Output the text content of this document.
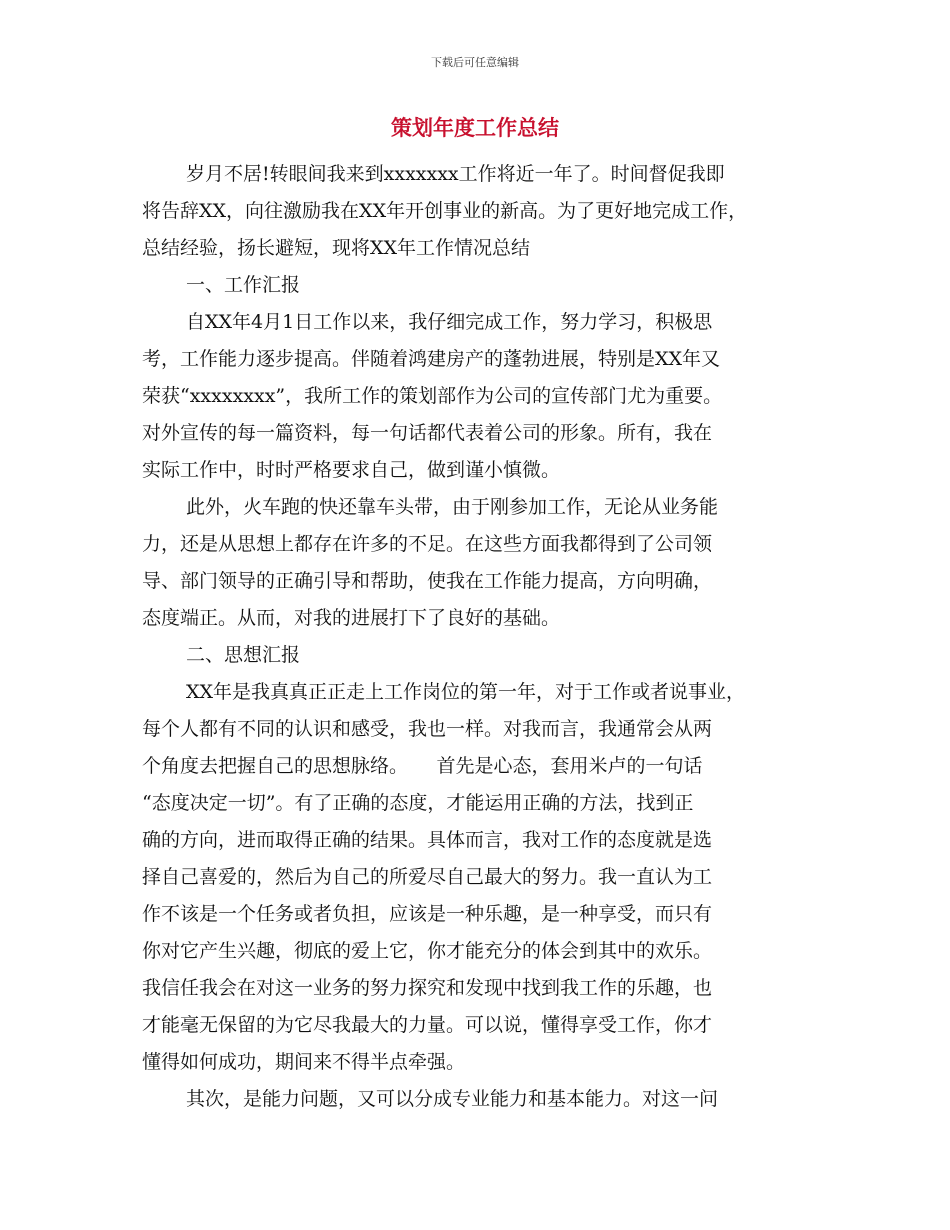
下载后可任意编辑
策划年度工作总结
岁月不居!转眼间我来到xxxxxxx工作将近一年了。时间督促我即
将告辞XX，向往激励我在XX年开创事业的新高。为了更好地完成工作，
总结经验，扬长避短，现将XX年工作情况总结
一、工作汇报
自XX年4月1日工作以来，我仔细完成工作，努力学习，积极思
考，工作能力逐步提高。伴随着鸿建房产的蓬勃进展，特别是XX年又
荣获“xxxxxxxx”，我所工作的策划部作为公司的宣传部门尤为重要。
对外宣传的每一篇资料，每一句话都代表着公司的形象。所有，我在
实际工作中，时时严格要求自己，做到谨小慎微。
此外，火车跑的快还靠车头带，由于刚参加工作，无论从业务能
力，还是从思想上都存在许多的不足。在这些方面我都得到了公司领
导、部门领导的正确引导和帮助，使我在工作能力提高，方向明确，
态度端正。从而，对我的进展打下了良好的基础。
二、思想汇报
XX年是我真真正正走上工作岗位的第一年，对于工作或者说事业，
每个人都有不同的认识和感受，我也一样。对我而言，我通常会从两
个角度去把握自己的思想脉络。　　首先是心态，套用米卢的一句话
“态度决定一切”。有了正确的态度，才能运用正确的方法，找到正
确的方向，进而取得正确的结果。具体而言，我对工作的态度就是选
择自己喜爱的，然后为自己的所爱尽自己最大的努力。我一直认为工
作不该是一个任务或者负担，应该是一种乐趣，是一种享受，而只有
你对它产生兴趣，彻底的爱上它，你才能充分的体会到其中的欢乐。
我信任我会在对这一业务的努力探究和发现中找到我工作的乐趣，也
才能毫无保留的为它尽我最大的力量。可以说，懂得享受工作，你才
懂得如何成功，期间来不得半点牵强。
其次，是能力问题，又可以分成专业能力和基本能力。对这一问
